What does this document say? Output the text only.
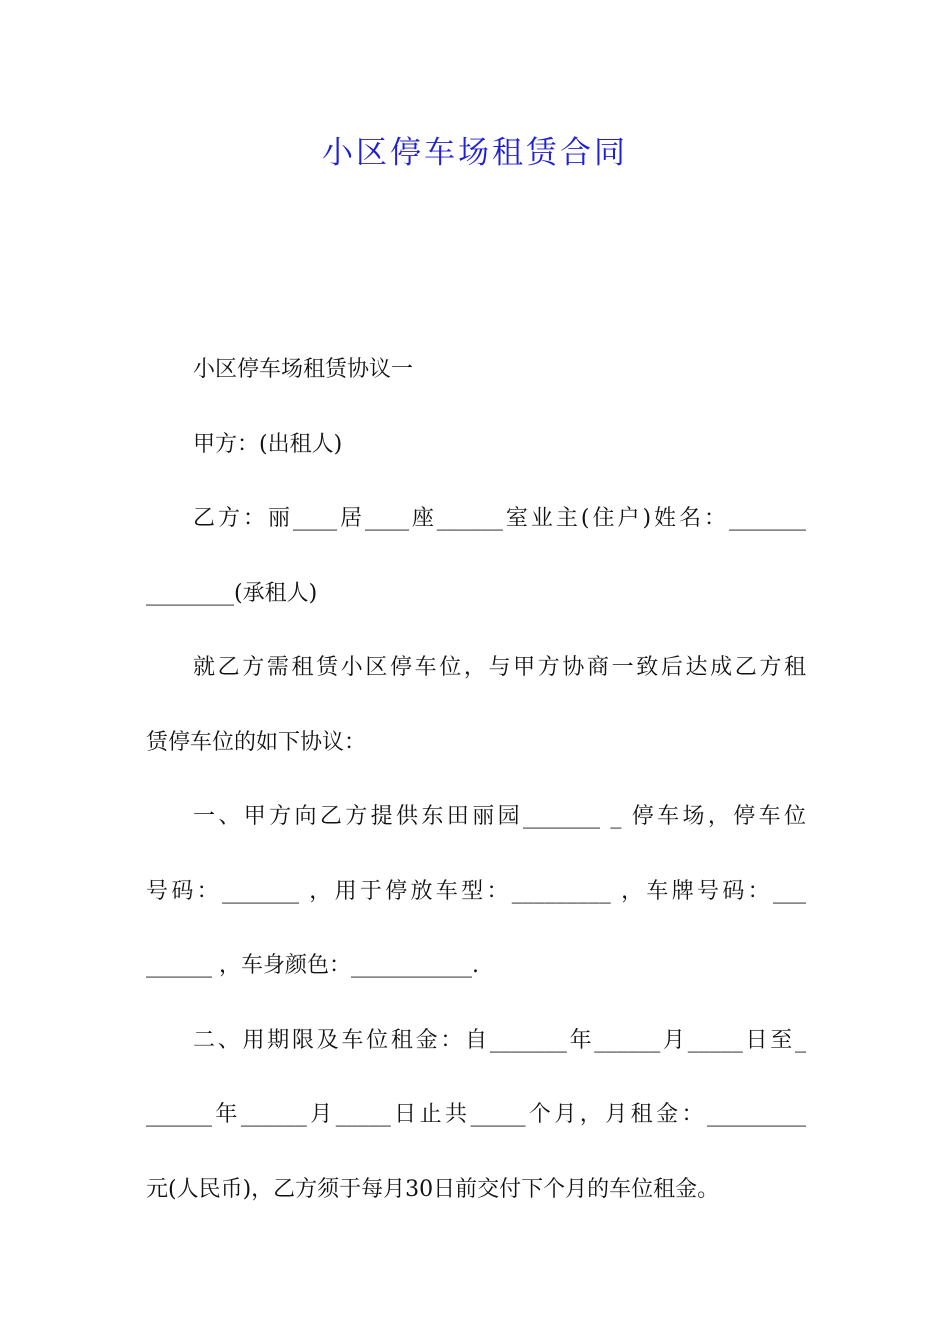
小区停车场租赁合同
小区停车场租赁协议一
甲方：(出租人)
乙方：丽____居____座______室业主(住户)姓名：_______
________(承租人)
就乙方需租赁小区停车位，与甲方协商一致后达成乙方租
赁停车位的如下协议：
一、甲方向乙方提供东田丽园_______ _ 停车场，停车位
号码：_______ ，用于停放车型：_________ ，车牌号码：___
______ ，车身颜色：___________.
二、用期限及车位租金：自_______年______月_____日至_
______年______月_____日止共_____个月，月租金：_________
元(人民币)，乙方须于每月30日前交付下个月的车位租金。
